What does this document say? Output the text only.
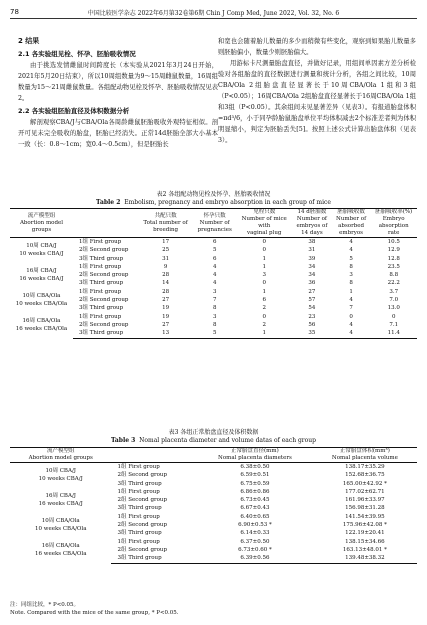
78	中国比较医学杂志 2022年6月第32卷第6期 Chin J Comp Med, June 2022, Vol. 32, No. 6
2 结果
2.1 各实验组见栓、怀孕、胚胎吸收情况

由于挑选发情雌鼠时间跨度长（本实验从2021年3月24日开始，2021年5月20日结束），所以10周组数量为9～15周雌鼠数量，16周组数量为15～21周雌鼠数量。各组配动物见栓及怀孕、胚胎吸收情况见表2。

2.2 各实验组胚胎直径及体积数据分析

解剖观察CBA/J与CBA/Ola各周龄雌鼠胚胎吸收外观特征相似。剖开可见未完全吸收的胎盘，胚胎已经消失。正常14d胚胎全部大小基本一致（长：0.8～1cm；宽0.4～0.5cm），但是胚胎长

和宽也会随着胎儿数量的多少而稍微有些变化，观察到如果胎儿数量多则胚胎偏小，数量少则胚胎偏大。

用游标卡尺测量胎盘直径，并做好记录，用组间单因素方差分析检验对各组胎盘的直径数据进行测量和统计分析，各组之间比较，10周CBA/Ola 2组胎盘直径显著长于10周CBA/Ola 1组和3组（P<0.05）；16周CBA/Ola 2组胎盘直径显著长于16周CBA/Ola 1组和3组（P<0.05）。其余组间未见显著差异（见表3）。有报道胎盘体积=πd³/6，小于同孕龄胎鼠胎盘单位平均体积减去2个标准差者判为体积明显缩小，判定为胚胎丢失[5]。按照上述公式计算出胎盘体积（见表3）。

表2 各组配动物见栓及怀孕、胚胎吸收情况
Table 2 Embolism, pregnancy and embryo absorption in each group of mice
流产模型组
Abortion model
groups		共配只数
Total number of
breeding	怀孕只数
Number of
pregnancies	见栓只数
Number of mice
with
vaginal plug	14 d胚胎数
Number of
embryos of
14 days	胚胎吸收数
Number of
absorbed
embryos	胚胎吸收率(%)
Embryo
absorption
rate
10周 CBA/J
10 weeks CBA/J	1组 First group	17	6	0	38	4	10.5
	2组 Second group	25	5	0	31	4	12.9
	3组 Third group	31	6	1	39	5	12.8
16周 CBA/J
16 weeks CBA/J	1组 First group	9	4	1	34	8	23.5
	2组 Second group	28	4	3	34	3	8.8
	3组 Third group	14	4	0	36	8	22.2
10周 CBA/Ola
10 weeks CBA/Ola	1组 First group	28	3	1	27	1	3.7
	2组 Second group	27	7	6	57	4	7.0
	3组 Third group	19	8	2	54	7	13.0
16周 CBA/Ola
16 weeks CBA/Ola	1组 First group	19	3	0	23	0	0
	2组 Second group	27	8	2	56	4	7.1
	3组 Third group	13	5	1	35	4	11.4
表3 各组正常胎盘直径及体积数据
Table 3 Nomal placenta diameter and volume datas of each group
流产模型组
Abortion model groups		正常胎盘直径(mm)
Nomal placenta diameters	正常胎盘体积(mm³)
Nomal placenta volume
10周 CBA/J
10 weeks CBA/J	1组 First group	6.38±0.50	138.17±35.29
	2组 Second group	6.59±0.51	152.68±36.75
	3组 Third group	6.75±0.59	165.00±42.92 *
16周 CBA/J
16 weeks CBA/J	1组 First group	6.86±0.86	177.02±62.71
	2组 Second group	6.73±0.45	161.96±33.97
	3组 Third group	6.67±0.43	156.98±31.28
10周 CBA/Ola
10 weeks CBA/Ola	1组 First group	6.40±0.65	141.54±39.95
	2组 Second group	6.90±0.53 *	175.96±42.08 *
	3组 Third group	6.14±0.33	122.19±20.41
16周 CBA/Ola
16 weeks CBA/Ola	1组 First group	6.37±0.50	138.15±34.66
	2组 Second group	6.73±0.60 *	163.13±48.01 *
	3组 Third group	6.39±0.56	139.48±38.32
注：同组比较，* P<0.05。
Note. Compared with the mice of the same group, * P<0.05.
